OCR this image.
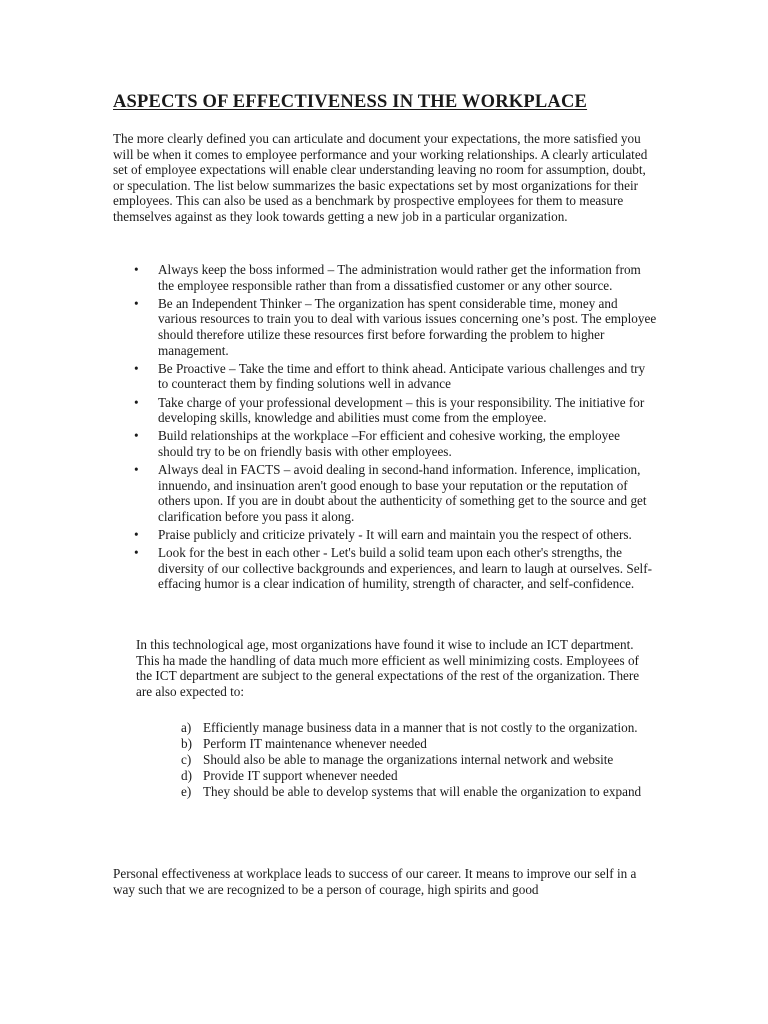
ASPECTS OF EFFECTIVENESS IN THE WORKPLACE

The more clearly defined you can articulate and document your expectations, the more satisfied you will be when it comes to employee performance and your working relationships. A clearly articulated set of employee expectations will enable clear understanding leaving no room for assumption, doubt, or speculation. The list below summarizes the basic expectations set by most organizations for their employees. This can also be used as a benchmark by prospective employees for them to measure themselves against as they look towards getting a new job in a particular organization.

• Always keep the boss informed – The administration would rather get the information from the employee responsible rather than from a dissatisfied customer or any other source.
• Be an Independent Thinker – The organization has spent considerable time, money and various resources to train you to deal with various issues concerning one’s post. The employee should therefore utilize these resources first before forwarding the problem to higher management.
• Be Proactive – Take the time and effort to think ahead. Anticipate various challenges and try to counteract them by finding solutions well in advance
• Take charge of your professional development – this is your responsibility. The initiative for developing skills, knowledge and abilities must come from the employee.
• Build relationships at the workplace –For efficient and cohesive working, the employee should try to be on friendly basis with other employees.
• Always deal in FACTS – avoid dealing in second-hand information. Inference, implication, innuendo, and insinuation aren't good enough to base your reputation or the reputation of others upon. If you are in doubt about the authenticity of something get to the source and get clarification before you pass it along.
• Praise publicly and criticize privately - It will earn and maintain you the respect of others.
• Look for the best in each other - Let's build a solid team upon each other's strengths, the diversity of our collective backgrounds and experiences, and learn to laugh at ourselves. Self-effacing humor is a clear indication of humility, strength of character, and self-confidence.

In this technological age, most organizations have found it wise to include an ICT department. This ha made the handling of data much more efficient as well minimizing costs. Employees of the ICT department are subject to the general expectations of the rest of the organization. There are also expected to:

a) Efficiently manage business data in a manner that is not costly to the organization.
b) Perform IT maintenance whenever needed
c) Should also be able to manage the organizations internal network and website
d) Provide IT support whenever needed
e) They should be able to develop systems that will enable the organization to expand

Personal effectiveness at workplace leads to success of our career. It means to improve our self in a way such that we are recognized to be a person of courage, high spirits and good
